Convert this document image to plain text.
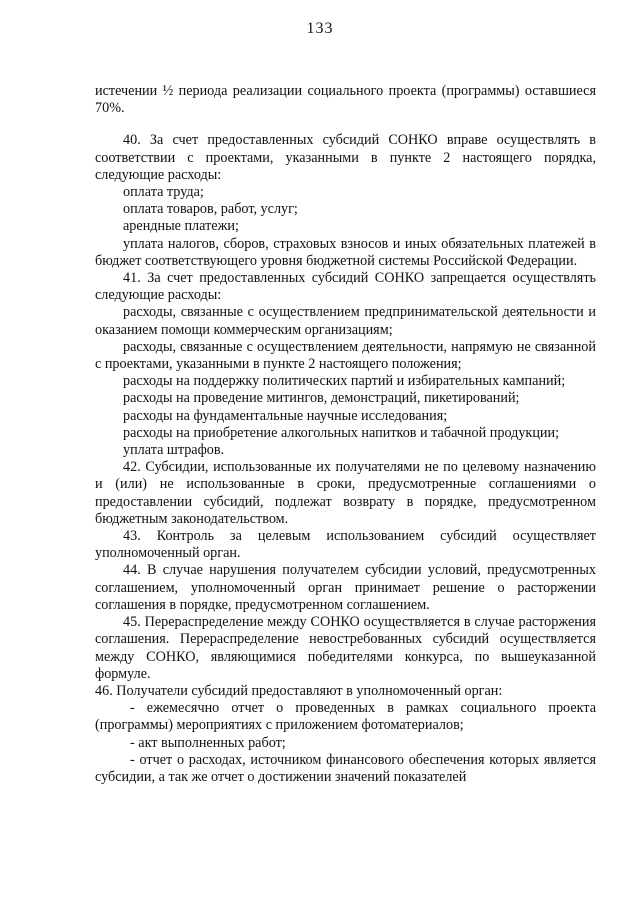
133

истечении ½ периода реализации социального проекта (программы) оставшиеся 70%.

40. За счет предоставленных субсидий СОНКО вправе осуществлять в соответствии с проектами, указанными в пункте 2 настоящего порядка, следующие расходы:

оплата труда;

оплата товаров, работ, услуг;

арендные платежи;

уплата налогов, сборов, страховых взносов и иных обязательных платежей в бюджет соответствующего уровня бюджетной системы Российской Федерации.

41. За счет предоставленных субсидий СОНКО запрещается осуществлять следующие расходы:

расходы, связанные с осуществлением предпринимательской деятельности и оказанием помощи коммерческим организациям;

расходы, связанные с осуществлением деятельности, напрямую не связанной с проектами, указанными в пункте 2 настоящего положения;

расходы на поддержку политических партий и избирательных кампаний;

расходы на проведение митингов, демонстраций, пикетирований;

расходы на фундаментальные научные исследования;

расходы на приобретение алкогольных напитков и табачной продукции;

уплата штрафов.

42. Субсидии, использованные их получателями не по целевому назначению и (или) не использованные в сроки, предусмотренные соглашениями о предоставлении субсидий, подлежат возврату в порядке, предусмотренном бюджетным законодательством.

43. Контроль за целевым использованием субсидий осуществляет уполномоченный орган.

44. В случае нарушения получателем субсидии условий, предусмотренных соглашением, уполномоченный орган принимает решение о расторжении соглашения в порядке, предусмотренном соглашением.

45. Перераспределение между СОНКО осуществляется в случае расторжения соглашения. Перераспределение невостребованных субсидий осуществляется между СОНКО, являющимися победителями конкурса, по вышеуказанной формуле.

46. Получатели субсидий предоставляют в уполномоченный орган:

- ежемесячно отчет о проведенных в рамках социального проекта (программы) мероприятиях с приложением фотоматериалов;

- акт выполненных работ;

- отчет о расходах, источником финансового обеспечения которых является субсидии, а так же отчет о достижении значений показателей
